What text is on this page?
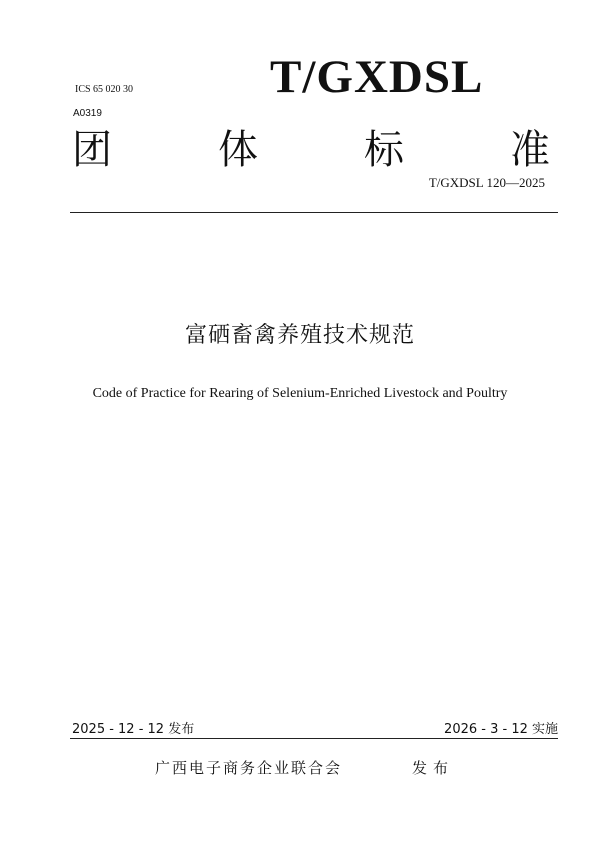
ICS 65 020 30
A0319
T/GXDSL
团	体	标	准
T/GXDSL 120—2025
富硒畜禽养殖技术规范
Code of Practice for Rearing of Selenium-Enriched Livestock and Poultry
2025 - 12 - 12 发布	2026 - 3 - 12 实施
广西电子商务企业联合会	发布
